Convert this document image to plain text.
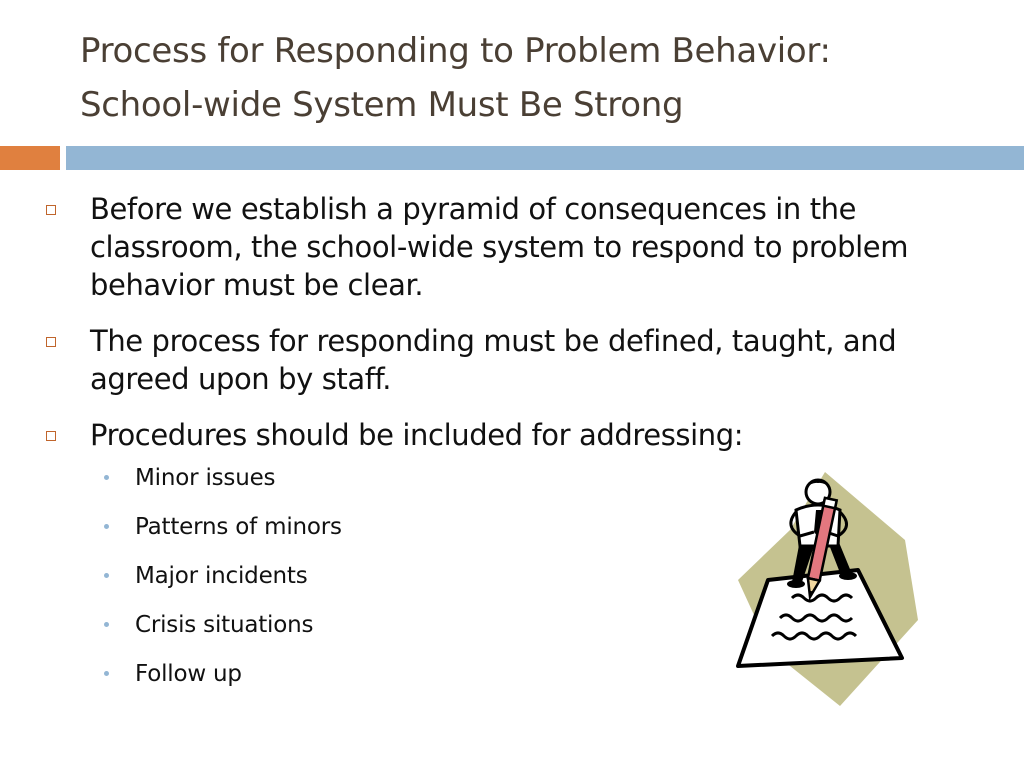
Process for Responding to Problem Behavior:
School-wide System Must Be Strong
Before we establish a pyramid of consequences in the classroom, the school-wide system to respond to problem behavior must be clear.
The process for responding must be defined, taught, and agreed upon by staff.
Procedures should be included for addressing:
Minor issues
Patterns of minors
Major incidents
Crisis situations
Follow up
